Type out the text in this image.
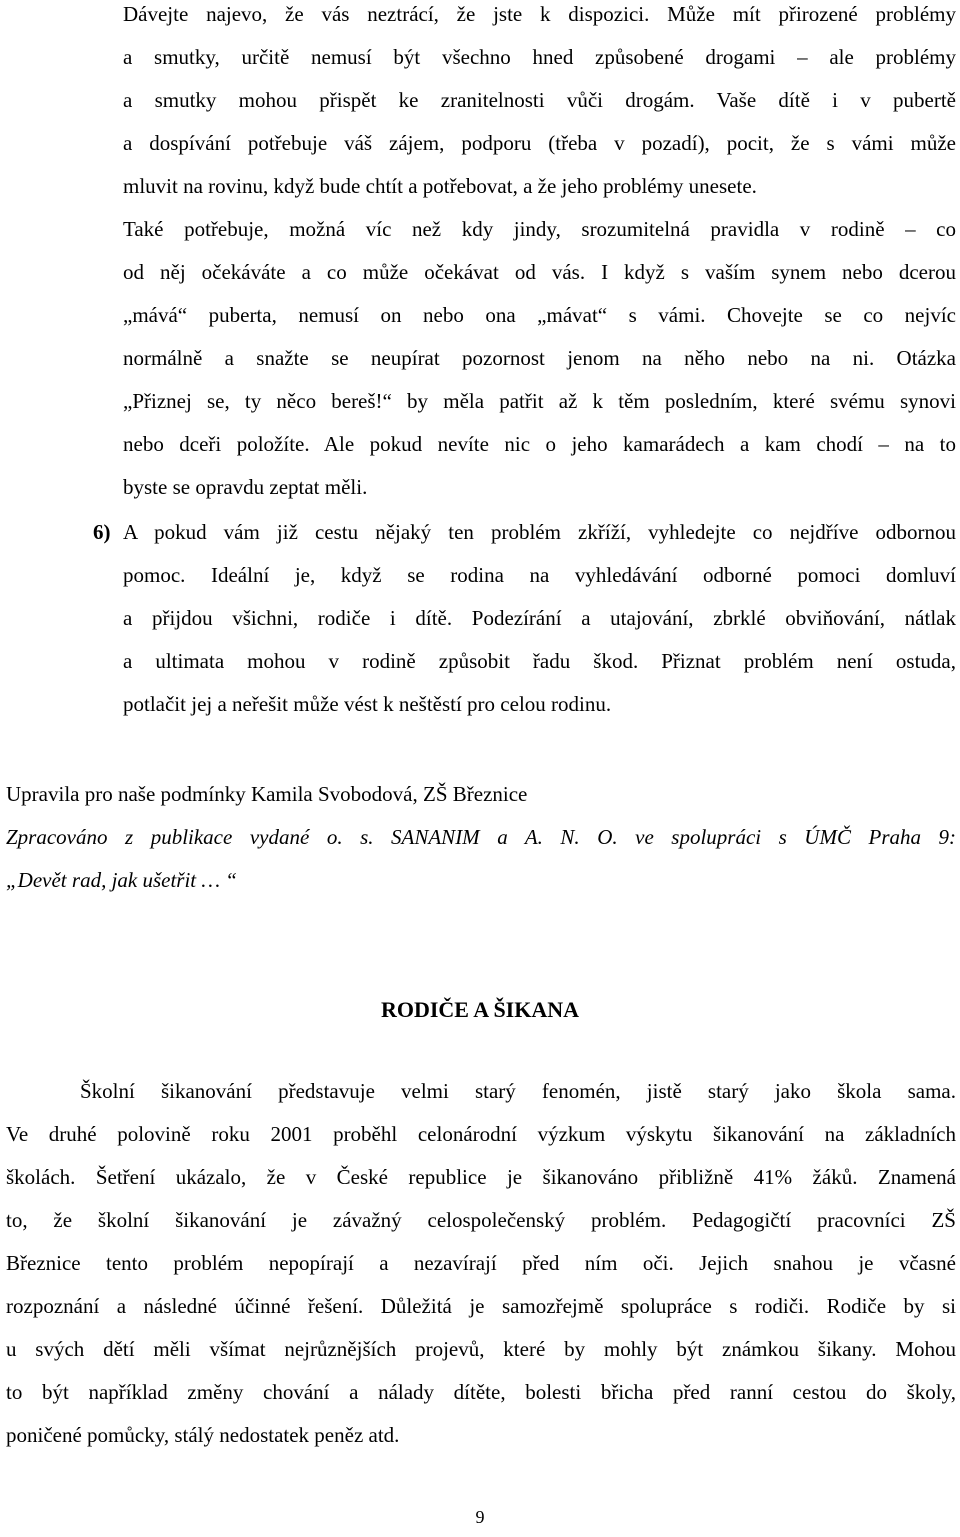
Dávejte najevo, že vás neztrácí, že jste k dispozici. Může mít přirozené problémy

a smutky, určitě nemusí být všechno hned způsobené drogami – ale problémy

a smutky mohou přispět ke zranitelnosti vůči drogám. Vaše dítě i v pubertě

a dospívání potřebuje váš zájem, podporu (třeba v pozadí), pocit, že s vámi může

mluvit na rovinu, když bude chtít a potřebovat, a že jeho problémy unesete.

Také potřebuje, možná víc než kdy jindy, srozumitelná pravidla v rodině – co

od něj očekáváte a co může očekávat od vás. I když s vaším synem nebo dcerou

„mává“ puberta, nemusí on nebo ona „mávat“ s vámi. Chovejte se co nejvíc

normálně a snažte se neupírat pozornost jenom na něho nebo na ni. Otázka

„Přiznej se, ty něco bereš!“ by měla patřit až k těm posledním, které svému synovi

nebo dceři položíte. Ale pokud nevíte nic o jeho kamarádech a kam chodí – na to

byste se opravdu zeptat měli.

6) A pokud vám již cestu nějaký ten problém zkříží, vyhledejte co nejdříve odbornou

pomoc. Ideální je, když se rodina na vyhledávání odborné pomoci domluví

a přijdou všichni, rodiče i dítě. Podezírání a utajování, zbrklé obviňování, nátlak

a ultimata mohou v rodině způsobit řadu škod. Přiznat problém není ostuda,

potlačit jej a neřešit může vést k neštěstí pro celou rodinu.

Upravila pro naše podmínky Kamila Svobodová, ZŠ Březnice

Zpracováno z publikace vydané o. s. SANANIM a A. N. O. ve spolupráci s ÚMČ Praha 9:

„Devět rad, jak ušetřit … “

RODIČE A ŠIKANA

Školní šikanování představuje velmi starý fenomén, jistě starý jako škola sama.

Ve druhé polovině roku 2001 proběhl celonárodní výzkum výskytu šikanování na základních

školách. Šetření ukázalo, že v České republice je šikanováno přibližně 41% žáků. Znamená

to, že školní šikanování je závažný celospolečenský problém. Pedagogičtí pracovníci ZŠ

Březnice tento problém nepopírají a nezavírají před ním oči. Jejich snahou je včasné

rozpoznání a následné účinné řešení. Důležitá je samozřejmě spolupráce s rodiči. Rodiče by si

u svých dětí měli všímat nejrůznějších projevů, které by mohly být známkou šikany. Mohou

to být například změny chování a nálady dítěte, bolesti břicha před ranní cestou do školy,

poničené pomůcky, stálý nedostatek peněz atd.

9
